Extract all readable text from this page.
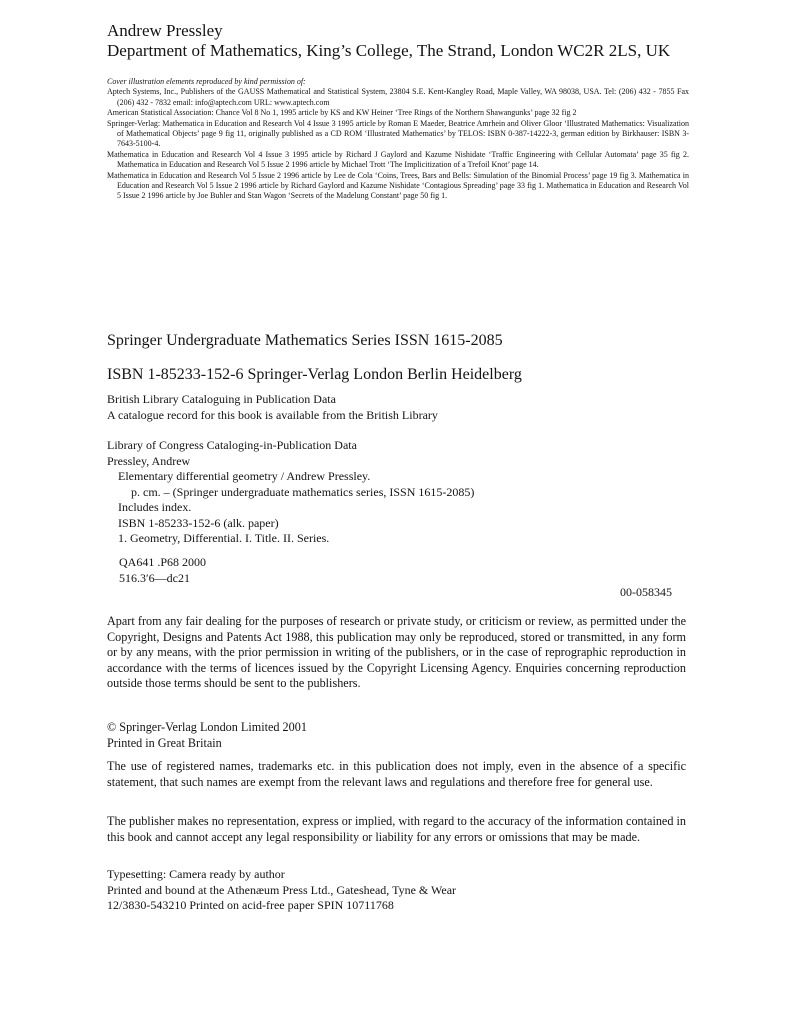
Andrew Pressley
Department of Mathematics, King’s College, The Strand, London WC2R 2LS, UK

Cover illustration elements reproduced by kind permission of:

Aptech Systems, Inc., Publishers of the GAUSS Mathematical and Statistical System, 23804 S.E. Kent-Kangley Road, Maple Valley, WA 98038, USA. Tel: (206) 432 - 7855 Fax (206) 432 - 7832 email: info@aptech.com URL: www.aptech.com

American Statistical Association: Chance Vol 8 No 1, 1995 article by KS and KW Heiner ‘Tree Rings of the Northern Shawangunks’ page 32 fig 2

Springer-Verlag: Mathematica in Education and Research Vol 4 Issue 3 1995 article by Roman E Maeder, Beatrice Amrhein and Oliver Gloor ‘Illustrated Mathematics: Visualization of Mathematical Objects’ page 9 fig 11, originally published as a CD ROM ‘Illustrated Mathematics’ by TELOS: ISBN 0-387-14222-3, german edition by Birkhauser: ISBN 3-7643-5100-4.

Mathematica in Education and Research Vol 4 Issue 3 1995 article by Richard J Gaylord and Kazume Nishidate ‘Traffic Engineering with Cellular Automata’ page 35 fig 2. Mathematica in Education and Research Vol 5 Issue 2 1996 article by Michael Trott ‘The Implicitization of a Trefoil Knot’ page 14.

Mathematica in Education and Research Vol 5 Issue 2 1996 article by Lee de Cola ‘Coins, Trees, Bars and Bells: Simulation of the Binomial Process’ page 19 fig 3. Mathematica in Education and Research Vol 5 Issue 2 1996 article by Richard Gaylord and Kazume Nishidate ‘Contagious Spreading’ page 33 fig 1. Mathematica in Education and Research Vol 5 Issue 2 1996 article by Joe Buhler and Stan Wagon ‘Secrets of the Madelung Constant’ page 50 fig 1.

Springer Undergraduate Mathematics Series ISSN 1615-2085
ISBN 1-85233-152-6 Springer-Verlag London Berlin Heidelberg

British Library Cataloguing in Publication Data

A catalogue record for this book is available from the British Library

Library of Congress Cataloging-in-Publication Data

Pressley, Andrew

Elementary differential geometry / Andrew Pressley.

p. cm. – (Springer undergraduate mathematics series, ISSN 1615-2085)

Includes index.

ISBN 1-85233-152-6 (alk. paper)

1. Geometry, Differential. I. Title. II. Series.

QA641 .P68 2000

516.3′6—dc21

00-058345

Apart from any fair dealing for the purposes of research or private study, or criticism or review, as permitted under the Copyright, Designs and Patents Act 1988, this publication may only be reproduced, stored or transmitted, in any form or by any means, with the prior permission in writing of the publishers, or in the case of reprographic reproduction in accordance with the terms of licences issued by the Copyright Licensing Agency. Enquiries concerning reproduction outside those terms should be sent to the publishers.

© Springer-Verlag London Limited 2001

Printed in Great Britain

The use of registered names, trademarks etc. in this publication does not imply, even in the absence of a specific statement, that such names are exempt from the relevant laws and regulations and therefore free for general use.

The publisher makes no representation, express or implied, with regard to the accuracy of the information contained in this book and cannot accept any legal responsibility or liability for any errors or omissions that may be made.

Typesetting: Camera ready by author

Printed and bound at the Athenæum Press Ltd., Gateshead, Tyne & Wear

12/3830-543210 Printed on acid-free paper SPIN 10711768
